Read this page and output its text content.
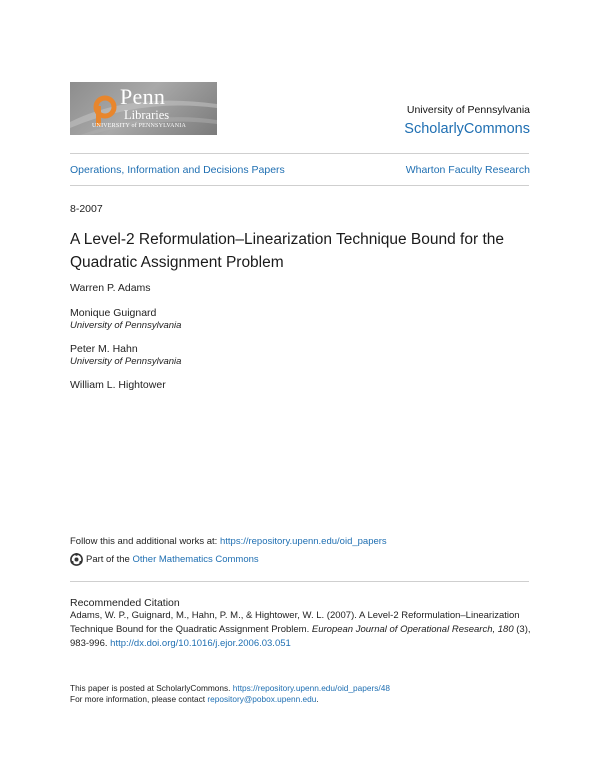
Penn
Libraries
UNIVERSITY of PENNSYLVANIA
University of Pennsylvania
ScholarlyCommons
Operations, Information and Decisions Papers	Wharton Faculty Research
8-2007
A Level-2 Reformulation–Linearization Technique Bound for the Quadratic Assignment Problem
Warren P. Adams
Monique Guignard
University of Pennsylvania
Peter M. Hahn
University of Pennsylvania
William L. Hightower
Follow this and additional works at: https://repository.upenn.edu/oid_papers
Part of the
Other Mathematics Commons
Recommended Citation
Adams, W. P., Guignard, M., Hahn, P. M., & Hightower, W. L. (2007). A Level-2 Reformulation–Linearization Technique Bound for the Quadratic Assignment Problem. European Journal of Operational Research, 180 (3), 983-996. http://dx.doi.org/10.1016/j.ejor.2006.03.051
This paper is posted at ScholarlyCommons. https://repository.upenn.edu/oid_papers/48
For more information, please contact repository@pobox.upenn.edu.
